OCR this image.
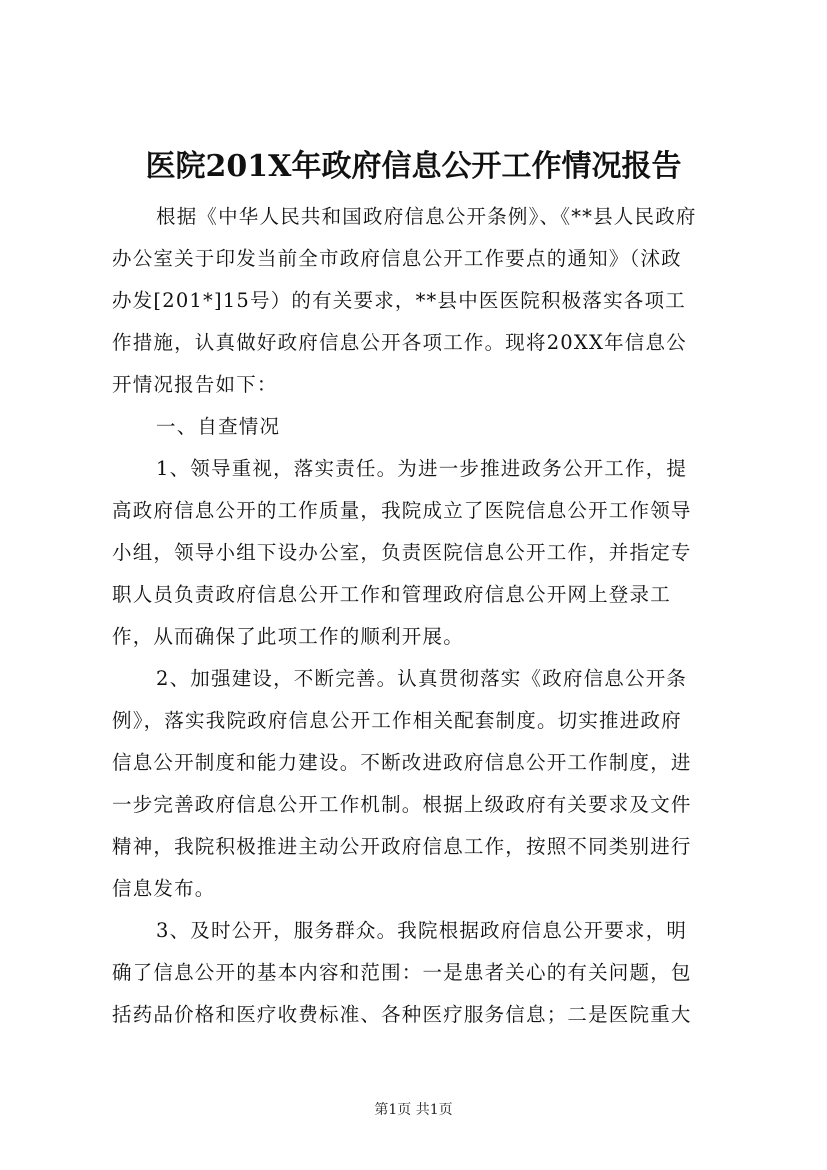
医院201X年政府信息公开工作情况报告

根据《中华人民共和国政府信息公开条例》、《**县人民政府
办公室关于印发当前全市政府信息公开工作要点的通知》（沭政
办发[201*]15号）的有关要求，**县中医医院积极落实各项工
作措施，认真做好政府信息公开各项工作。现将20XX年信息公
开情况报告如下：

一、自查情况

1、领导重视，落实责任。为进一步推进政务公开工作，提
高政府信息公开的工作质量，我院成立了医院信息公开工作领导
小组，领导小组下设办公室，负责医院信息公开工作，并指定专
职人员负责政府信息公开工作和管理政府信息公开网上登录工
作，从而确保了此项工作的顺利开展。

2、加强建设，不断完善。认真贯彻落实《政府信息公开条
例》，落实我院政府信息公开工作相关配套制度。切实推进政府
信息公开制度和能力建设。不断改进政府信息公开工作制度，进
一步完善政府信息公开工作机制。根据上级政府有关要求及文件
精神，我院积极推进主动公开政府信息工作，按照不同类别进行
信息发布。

3、及时公开，服务群众。我院根据政府信息公开要求，明
确了信息公开的基本内容和范围：一是患者关心的有关问题，包
括药品价格和医疗收费标准、各种医疗服务信息；二是医院重大

第1页 共1页
